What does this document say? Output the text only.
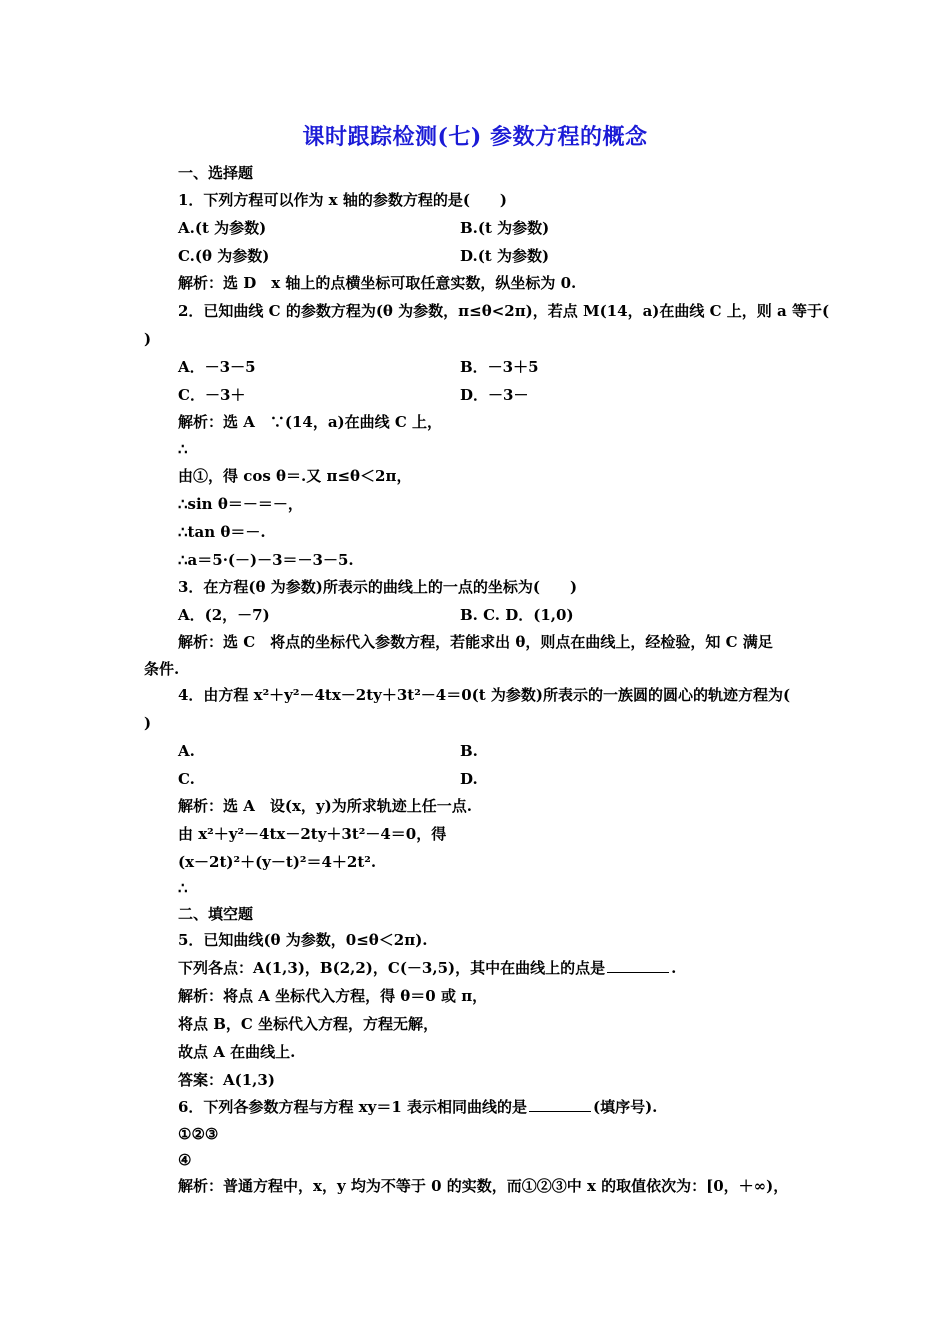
课时跟踪检测(七) 参数方程的概念
一、选择题
1．下列方程可以作为 x 轴的参数方程的是(　　)
A.(t 为参数)	B.(t 为参数)
C.(θ 为参数)	D.(t 为参数)
解析：选 D　x 轴上的点横坐标可取任意实数，纵坐标为 0.
2．已知曲线 C 的参数方程为(θ 为参数，π≤θ<2π)，若点 M(14，a)在曲线 C 上，则 a 等于(
)
A．－3－5	B．－3＋5
C．－3＋	D．－3－
解析：选 A　∵(14，a)在曲线 C 上，
∴
由①，得 cos θ＝.又 π≤θ＜2π，
∴sin θ＝－＝－，
∴tan θ＝－.
∴a＝5·(－)－3＝－3－5.
3．在方程(θ 为参数)所表示的曲线上的一点的坐标为(　　)
A．(2，－7)	B. C. D．(1,0)
解析：选 C　将点的坐标代入参数方程，若能求出 θ，则点在曲线上，经检验，知 C 满足
条件.
4．由方程 x²＋y²－4tx－2ty＋3t²－4＝0(t 为参数)所表示的一族圆的圆心的轨迹方程为(
)
A.	B.
C.	D.
解析：选 A　设(x，y)为所求轨迹上任一点.
由 x²＋y²－4tx－2ty＋3t²－4＝0，得
(x－2t)²＋(y－t)²＝4＋2t².
∴
二、填空题
5．已知曲线(θ 为参数，0≤θ＜2π).
下列各点：A(1,3)，B(2,2)，C(－3,5)，其中在曲线上的点是	.
解析：将点 A 坐标代入方程，得 θ＝0 或 π，
将点 B，C 坐标代入方程，方程无解，
故点 A 在曲线上.
答案：A(1,3)
6．下列各参数方程与方程 xy＝1 表示相同曲线的是	(填序号).
①②③
④
解析：普通方程中，x，y 均为不等于 0 的实数，而①②③中 x 的取值依次为：[0，＋∞)，
